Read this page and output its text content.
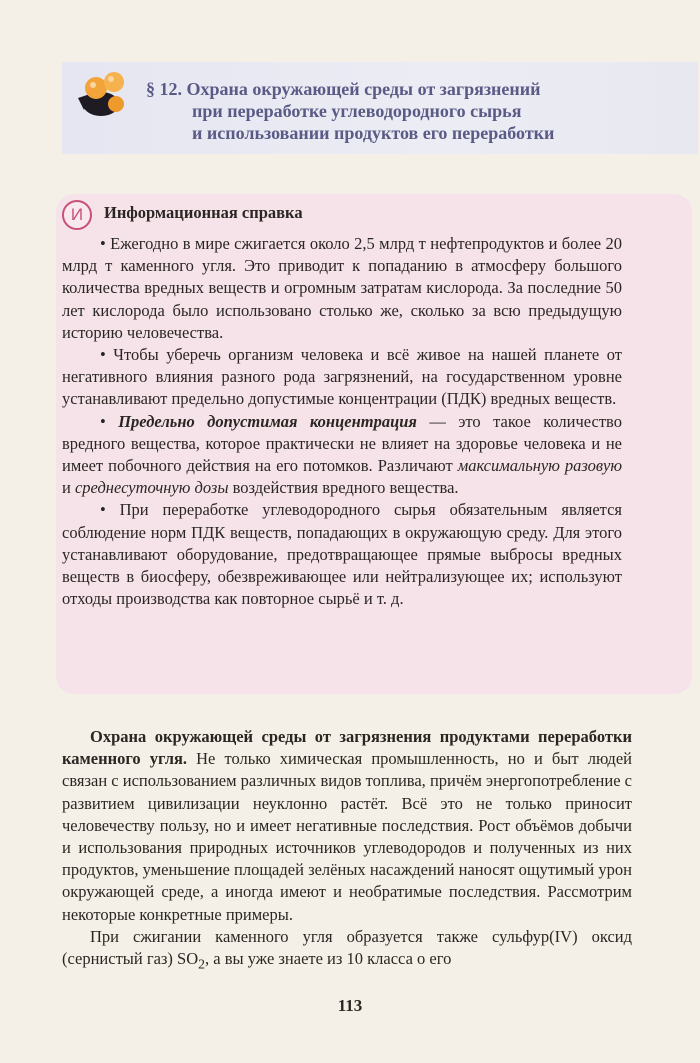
§ 12. Охрана окружающей среды от загрязнений
при переработке углеводородного сырья
и использовании продуктов его переработки
И	Информационная справка

• Ежегодно в мире сжигается около 2,5 млрд т нефтепродуктов и более 20 млрд т каменного угля. Это приводит к попаданию в атмосферу большого количества вредных веществ и огромным затратам кислорода. За последние 50 лет кислорода было использовано столько же, сколько за всю предыдущую историю человечества.

• Чтобы уберечь организм человека и всё живое на нашей планете от негативного влияния разного рода загрязнений, на государственном уровне устанавливают предельно допустимые концентрации (ПДК) вредных веществ.

• Предельно допустимая концентрация — это такое количество вредного вещества, которое практически не влияет на здоровье человека и не имеет побочного действия на его потомков. Различают максимальную разовую и среднесуточную дозы воздействия вредного вещества.

• При переработке углеводородного сырья обязательным является соблюдение норм ПДК веществ, попадающих в окружающую среду. Для этого устанавливают оборудование, предотвращающее прямые выбросы вредных веществ в биосферу, обезвреживающее или нейтрализующее их; используют отходы производства как повторное сырьё и т. д.

Охрана окружающей среды от загрязнения продуктами переработки каменного угля. Не только химическая промышленность, но и быт людей связан с использованием различных видов топлива, причём энергопотребление с развитием цивилизации неуклонно растёт. Всё это не только приносит человечеству пользу, но и имеет негативные последствия. Рост объёмов добычи и использования природных источников углеводородов и полученных из них продуктов, уменьшение площадей зелёных насаждений наносят ощутимый урон окружающей среде, а иногда имеют и необратимые последствия. Рассмотрим некоторые конкретные примеры.

При сжигании каменного угля образуется также сульфур(IV) оксид (сернистый газ) $SO_2$, а вы уже знаете из 10 класса о его

113
